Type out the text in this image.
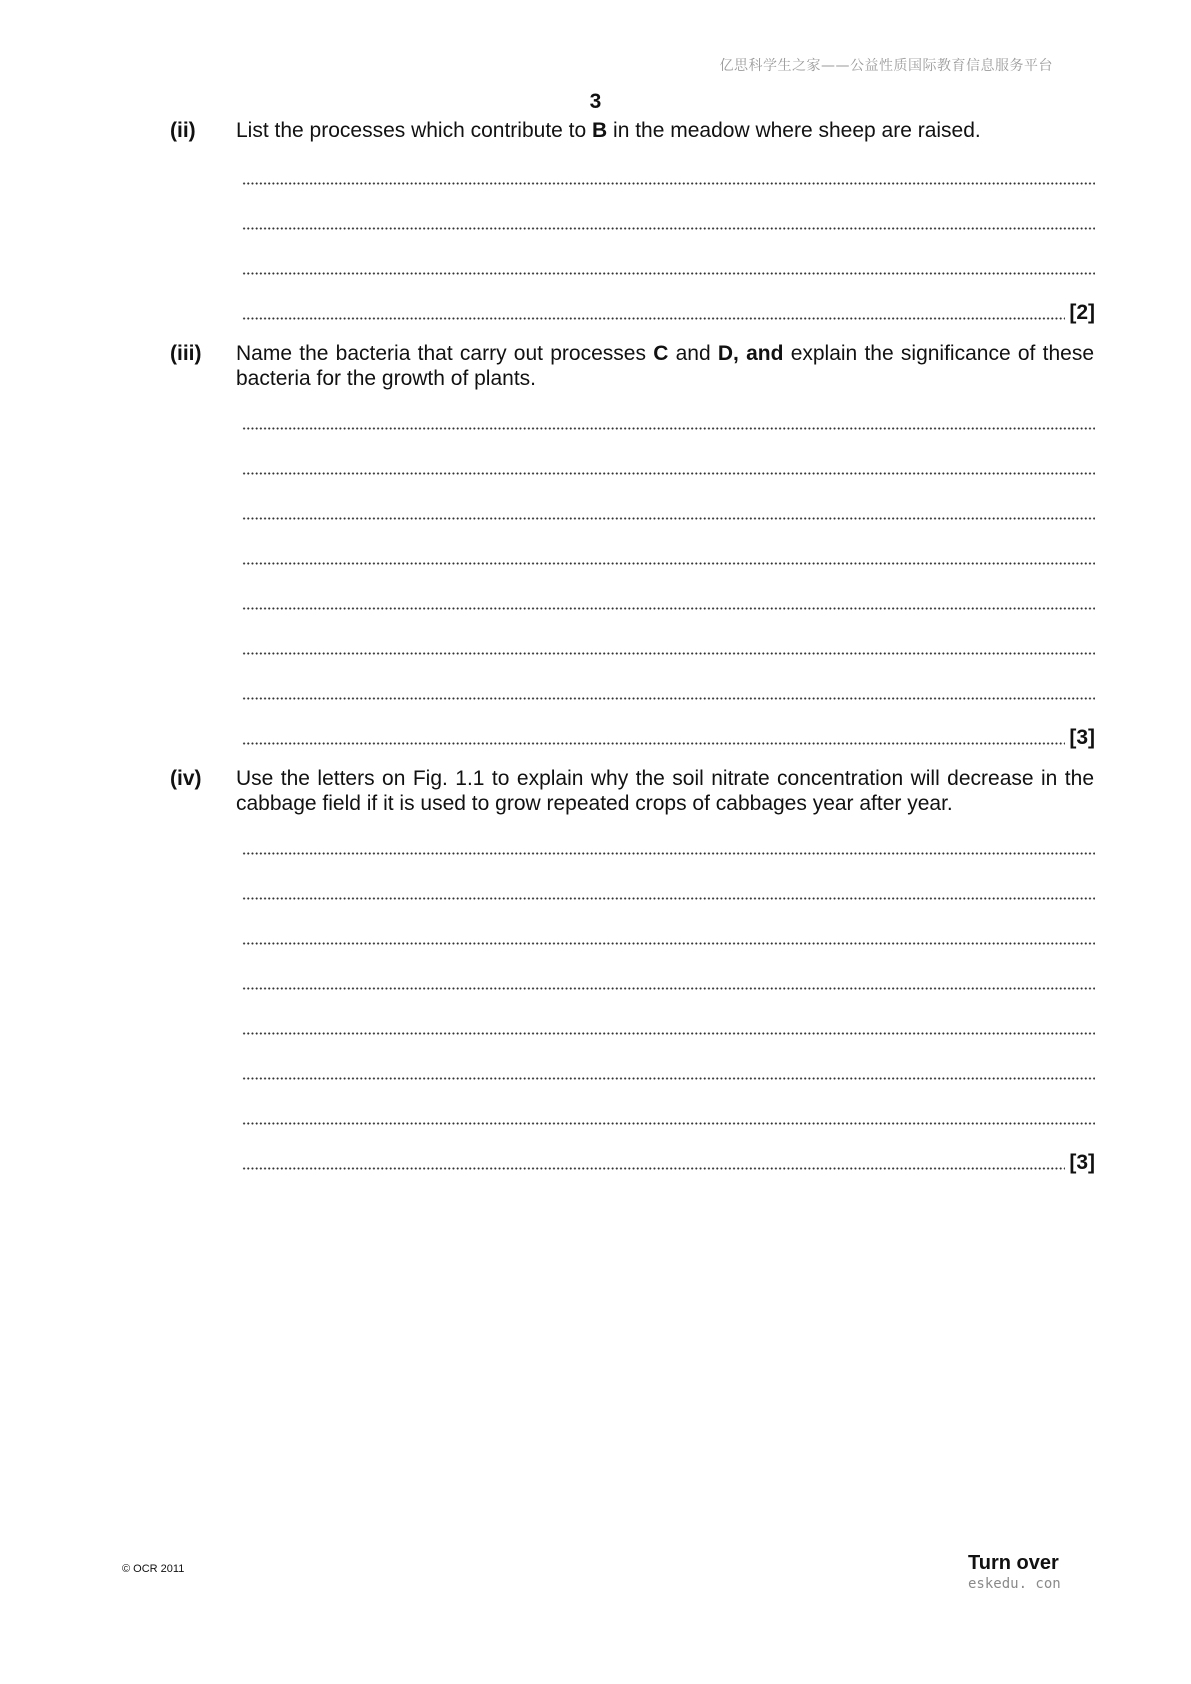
亿思科学生之家——公益性质国际教育信息服务平台
3
(ii)	List the processes which contribute to B in the meadow where sheep are raised.
[2]
(iii)	Name the bacteria that carry out processes C and D, and explain the significance of these bacteria for the growth of plants.
[3]
(iv)	Use the letters on Fig. 1.1 to explain why the soil nitrate concentration will decrease in the cabbage field if it is used to grow repeated crops of cabbages year after year.
[3]
© OCR 2011	Turn over
eskedu. con
